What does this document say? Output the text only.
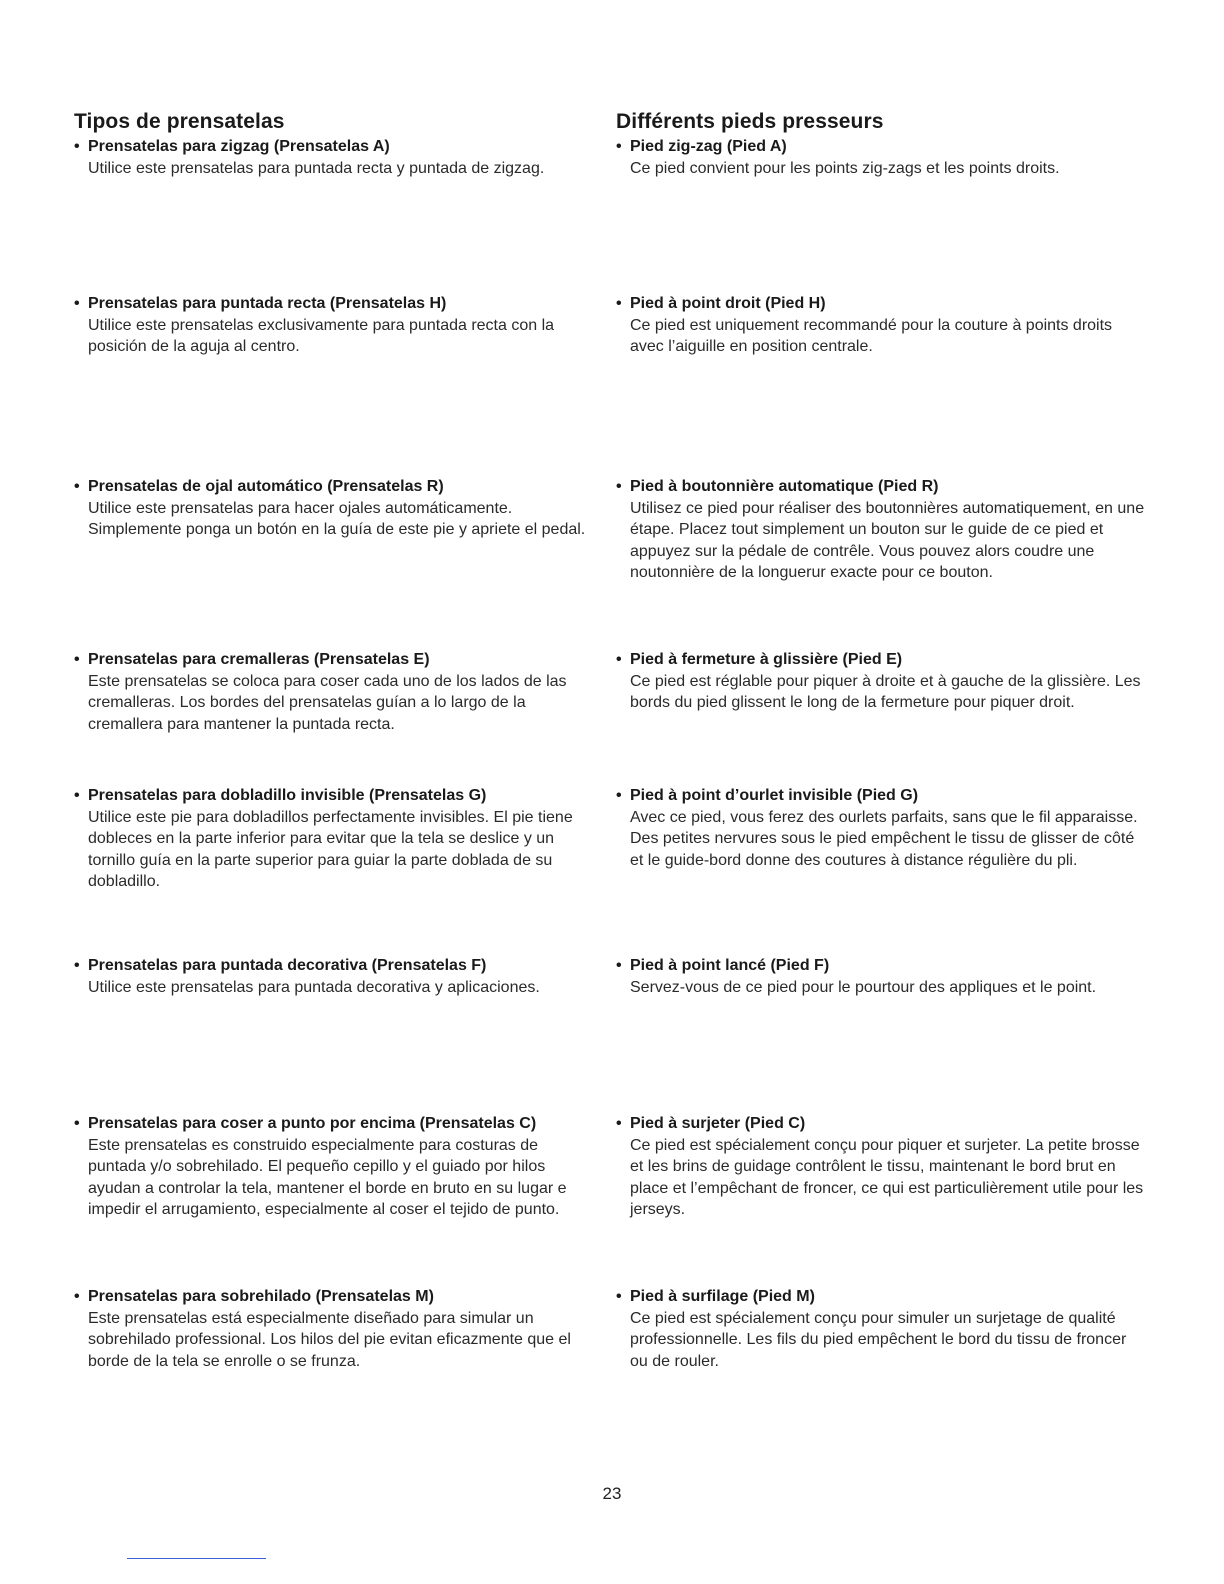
Tipos de prensatelas
• Prensatelas para zigzag (Prensatelas A)

Utilice este prensatelas para puntada recta y puntada de zigzag.

• Prensatelas para puntada recta (Prensatelas H)

Utilice este prensatelas exclusivamente para puntada recta con la posición de la aguja al centro.

• Prensatelas de ojal automático (Prensatelas R)

Utilice este prensatelas para hacer ojales automáticamente. Simplemente ponga un botón en la guía de este pie y apriete el pedal.

• Prensatelas para cremalleras (Prensatelas E)

Este prensatelas se coloca para coser cada uno de los lados de las cremalleras. Los bordes del prensatelas guían a lo largo de la cremallera para mantener la puntada recta.

• Prensatelas para dobladillo invisible (Prensatelas G)

Utilice este pie para dobladillos perfectamente invisibles. El pie tiene dobleces en la parte inferior para evitar que la tela se deslice y un tornillo guía en la parte superior para guiar la parte doblada de su dobladillo.

• Prensatelas para puntada decorativa (Prensatelas F)

Utilice este prensatelas para puntada decorativa y aplicaciones.

• Prensatelas para coser a punto por encima (Prensatelas C)

Este prensatelas es construido especialmente para costuras de puntada y/o sobrehilado. El pequeño cepillo y el guiado por hilos ayudan a controlar la tela, mantener el borde en bruto en su lugar e impedir el arrugamiento, especialmente al coser el tejido de punto.

• Prensatelas para sobrehilado (Prensatelas M)

Este prensatelas está especialmente diseñado para simular un sobrehilado professional. Los hilos del pie evitan eficazmente que el borde de la tela se enrolle o se frunza.

Différents pieds presseurs
• Pied zig-zag (Pied A)

Ce pied convient pour les points zig-zags et les points droits.

• Pied à point droit (Pied H)

Ce pied est uniquement recommandé pour la couture à points droits avec l’aiguille en position centrale.

• Pied à boutonnière automatique (Pied R)

Utilisez ce pied pour réaliser des boutonnières automatiquement, en une étape. Placez tout simplement un bouton sur le guide de ce pied et appuyez sur la pédale de contrêle. Vous pouvez alors coudre une noutonnière de la longuerur exacte pour ce bouton.

• Pied à fermeture à glissière (Pied E)

Ce pied est réglable pour piquer à droite et à gauche de la glissière. Les bords du pied glissent le long de la fermeture pour piquer droit.

• Pied à point d’ourlet invisible (Pied G)

Avec ce pied, vous ferez des ourlets parfaits, sans que le fil apparaisse. Des petites nervures sous le pied empêchent le tissu de glisser de côté et le guide-bord donne des coutures à distance régulière du pli.

• Pied à point lancé (Pied F)

Servez-vous de ce pied pour le pourtour des appliques et le point.

• Pied à surjeter (Pied C)

Ce pied est spécialement conçu pour piquer et surjeter. La petite brosse et les brins de guidage contrôlent le tissu, maintenant le bord brut en place et l’empêchant de froncer, ce qui est particulièrement utile pour les jerseys.

• Pied à surfilage (Pied M)

Ce pied est spécialement conçu pour simuler un surjetage de qualité professionnelle. Les fils du pied empêchent le bord du tissu de froncer ou de rouler.

23
